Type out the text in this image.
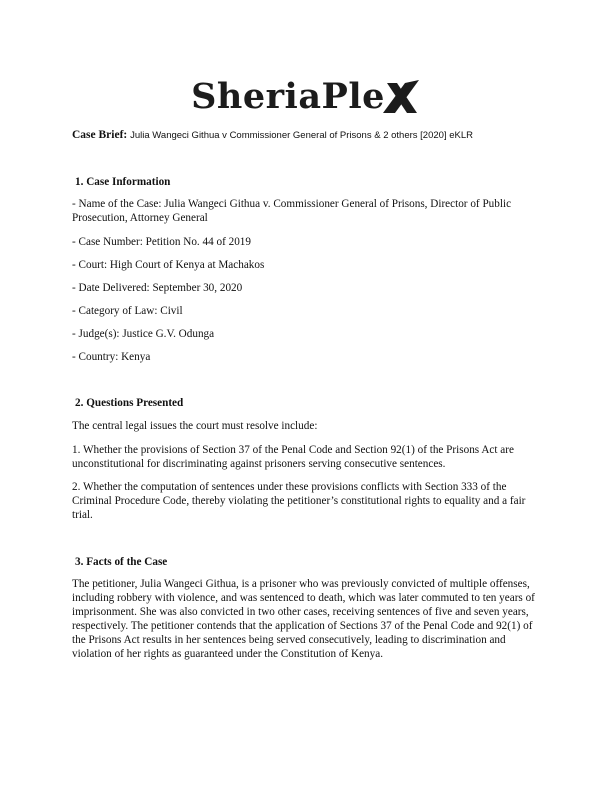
SheriaPle
Case Brief: Julia Wangeci Githua v Commissioner General of Prisons & 2 others [2020] eKLR

1. Case Information

- Name of the Case: Julia Wangeci Githua v. Commissioner General of Prisons, Director of Public Prosecution, Attorney General

- Case Number: Petition No. 44 of 2019

- Court: High Court of Kenya at Machakos

- Date Delivered: September 30, 2020

- Category of Law: Civil

- Judge(s): Justice G.V. Odunga

- Country: Kenya

2. Questions Presented

The central legal issues the court must resolve include:

1. Whether the provisions of Section 37 of the Penal Code and Section 92(1) of the Prisons Act are unconstitutional for discriminating against prisoners serving consecutive sentences.

2. Whether the computation of sentences under these provisions conflicts with Section 333 of the Criminal Procedure Code, thereby violating the petitioner’s constitutional rights to equality and a fair trial.

3. Facts of the Case

The petitioner, Julia Wangeci Githua, is a prisoner who was previously convicted of multiple offenses, including robbery with violence, and was sentenced to death, which was later commuted to ten years of imprisonment. She was also convicted in two other cases, receiving sentences of five and seven years, respectively. The petitioner contends that the application of Sections 37 of the Penal Code and 92(1) of the Prisons Act results in her sentences being served consecutively, leading to discrimination and violation of her rights as guaranteed under the Constitution of Kenya.
